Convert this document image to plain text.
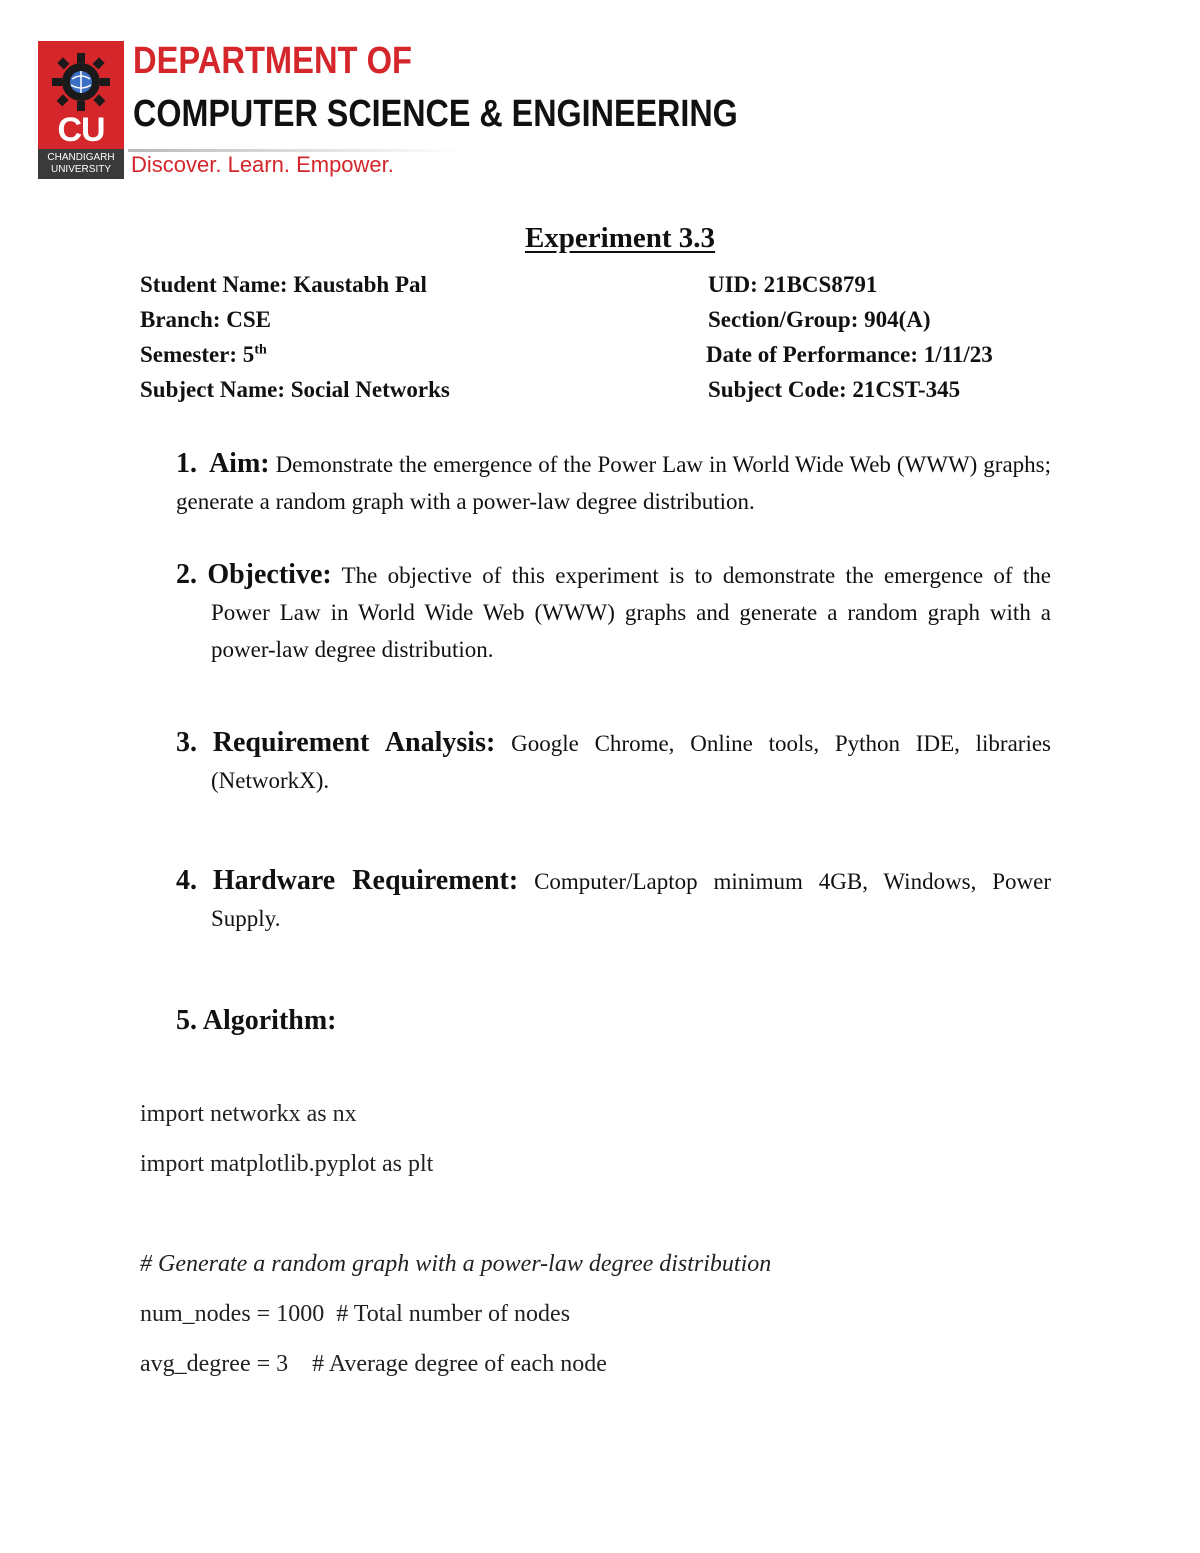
CU
CHANDIGARH
UNIVERSITY
DEPARTMENT OF
COMPUTER SCIENCE & ENGINEERING
Discover. Learn. Empower.
Experiment 3.3
Student Name: Kaustabh Pal	UID: 21BCS8791
Branch: CSE	Section/Group: 904(A)
Semester: 5th	Date of Performance: 1/11/23
Subject Name: Social Networks	Subject Code: 21CST-345

1. Aim: Demonstrate the emergence of the Power Law in World Wide Web (WWW) graphs; generate a random graph with a power-law degree distribution.

2. Objective: The objective of this experiment is to demonstrate the emergence of the Power Law in World Wide Web (WWW) graphs and generate a random graph with a power-law degree distribution.

3. Requirement Analysis: Google Chrome, Online tools, Python IDE, libraries (NetworkX).

4. Hardware Requirement: Computer/Laptop minimum 4GB, Windows, Power Supply.

5. Algorithm:

import networkx as nx
import matplotlib.pyplot as plt
# Generate a random graph with a power-law degree distribution
num_nodes = 1000  # Total number of nodes
avg_degree = 3    # Average degree of each node
